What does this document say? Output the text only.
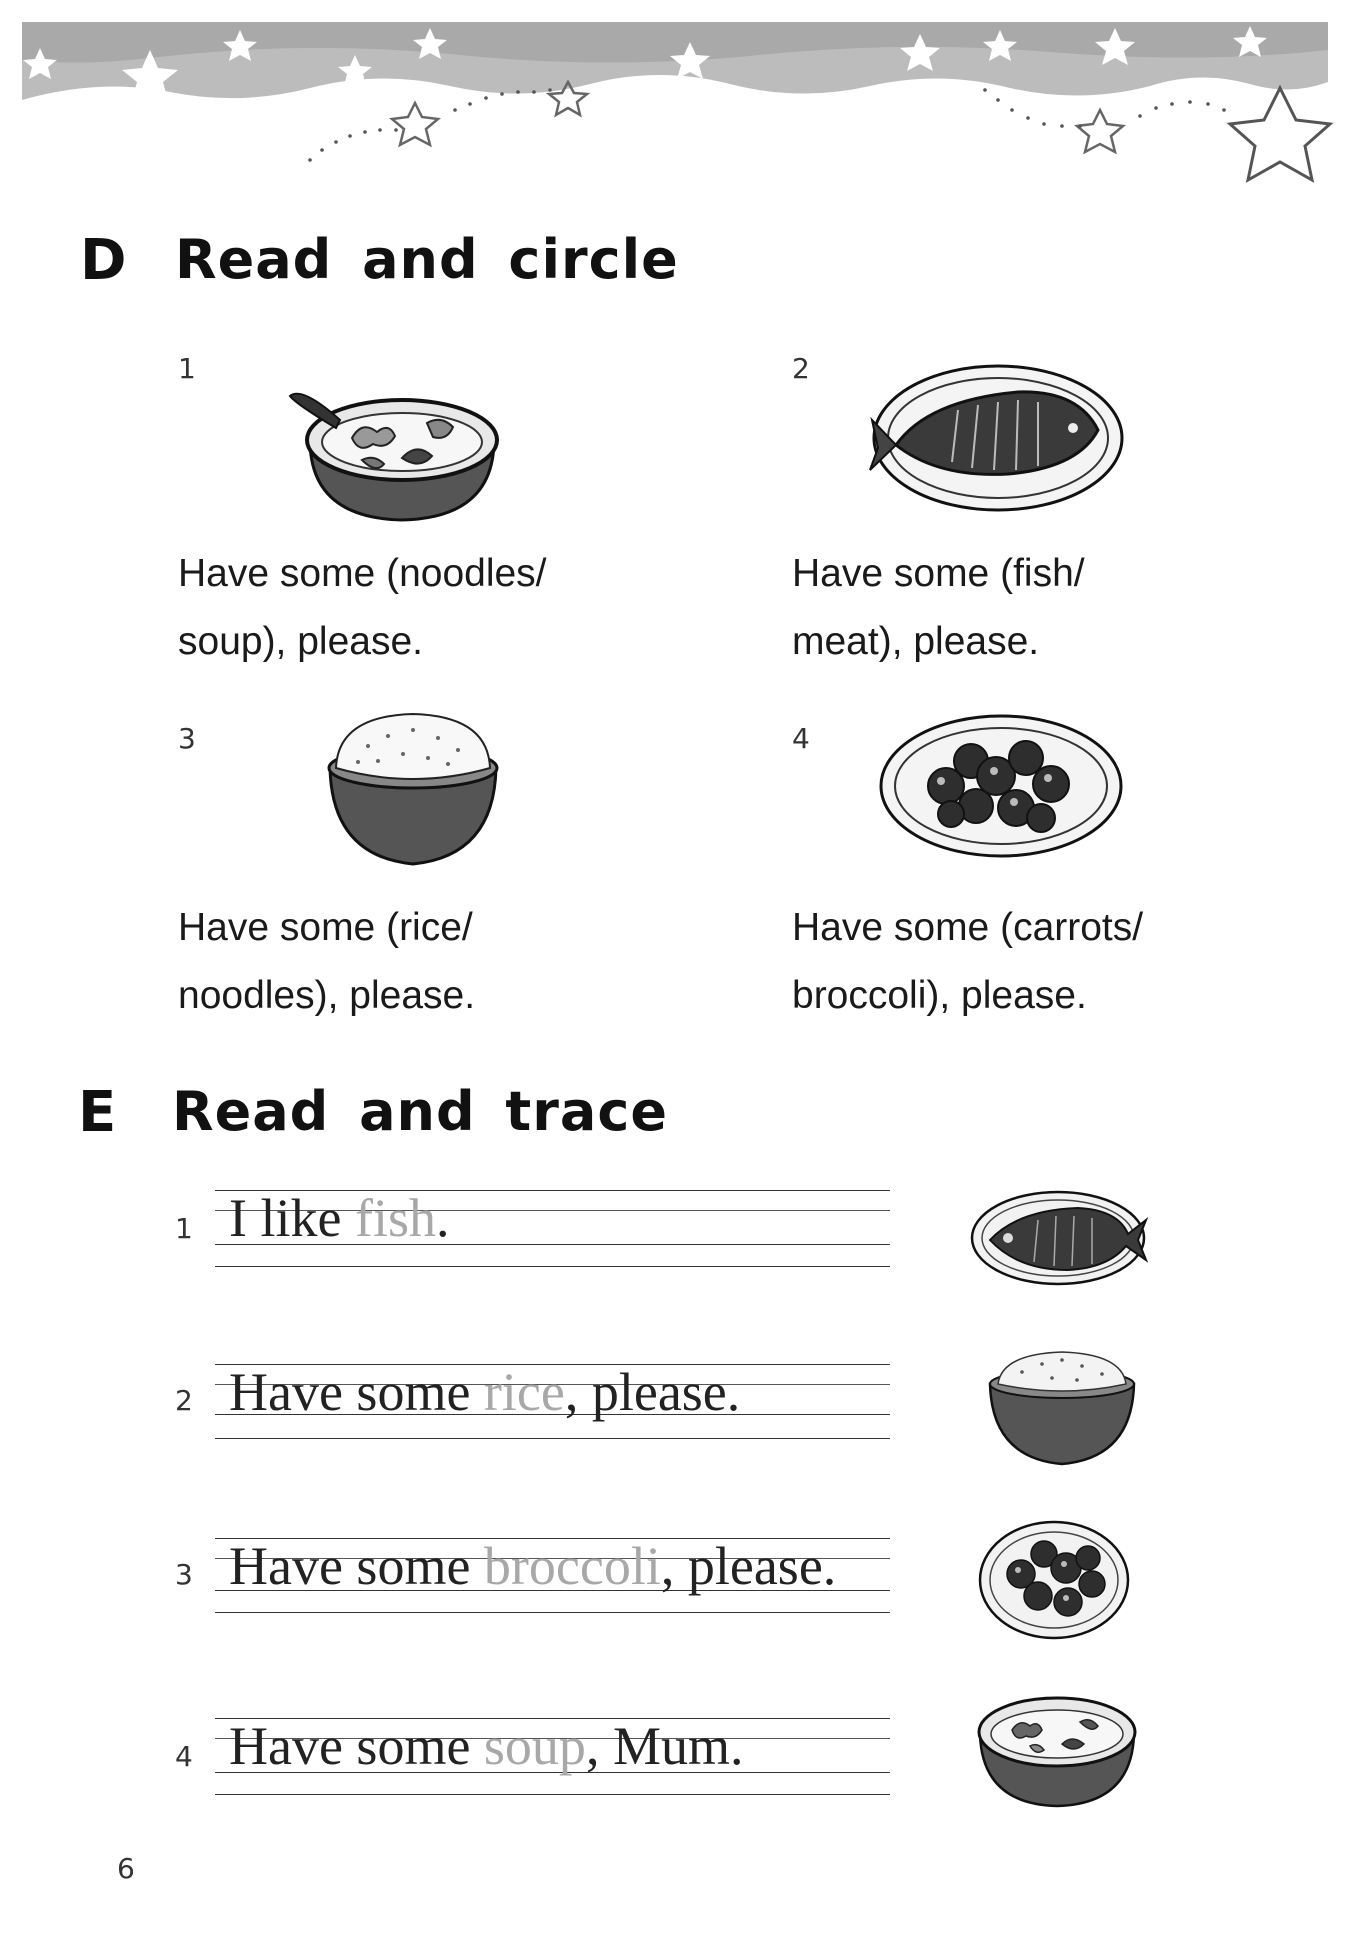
D Read and circle
1
Have some (noodles/
soup), please.
2
Have some (fish/
meat), please.
3
Have some (rice/
noodles), please.
4
Have some (carrots/
broccoli), please.
E Read and trace
1 I like fish.
2 Have some rice, please.
3 Have some broccoli, please.
4 Have some soup, Mum.
6
